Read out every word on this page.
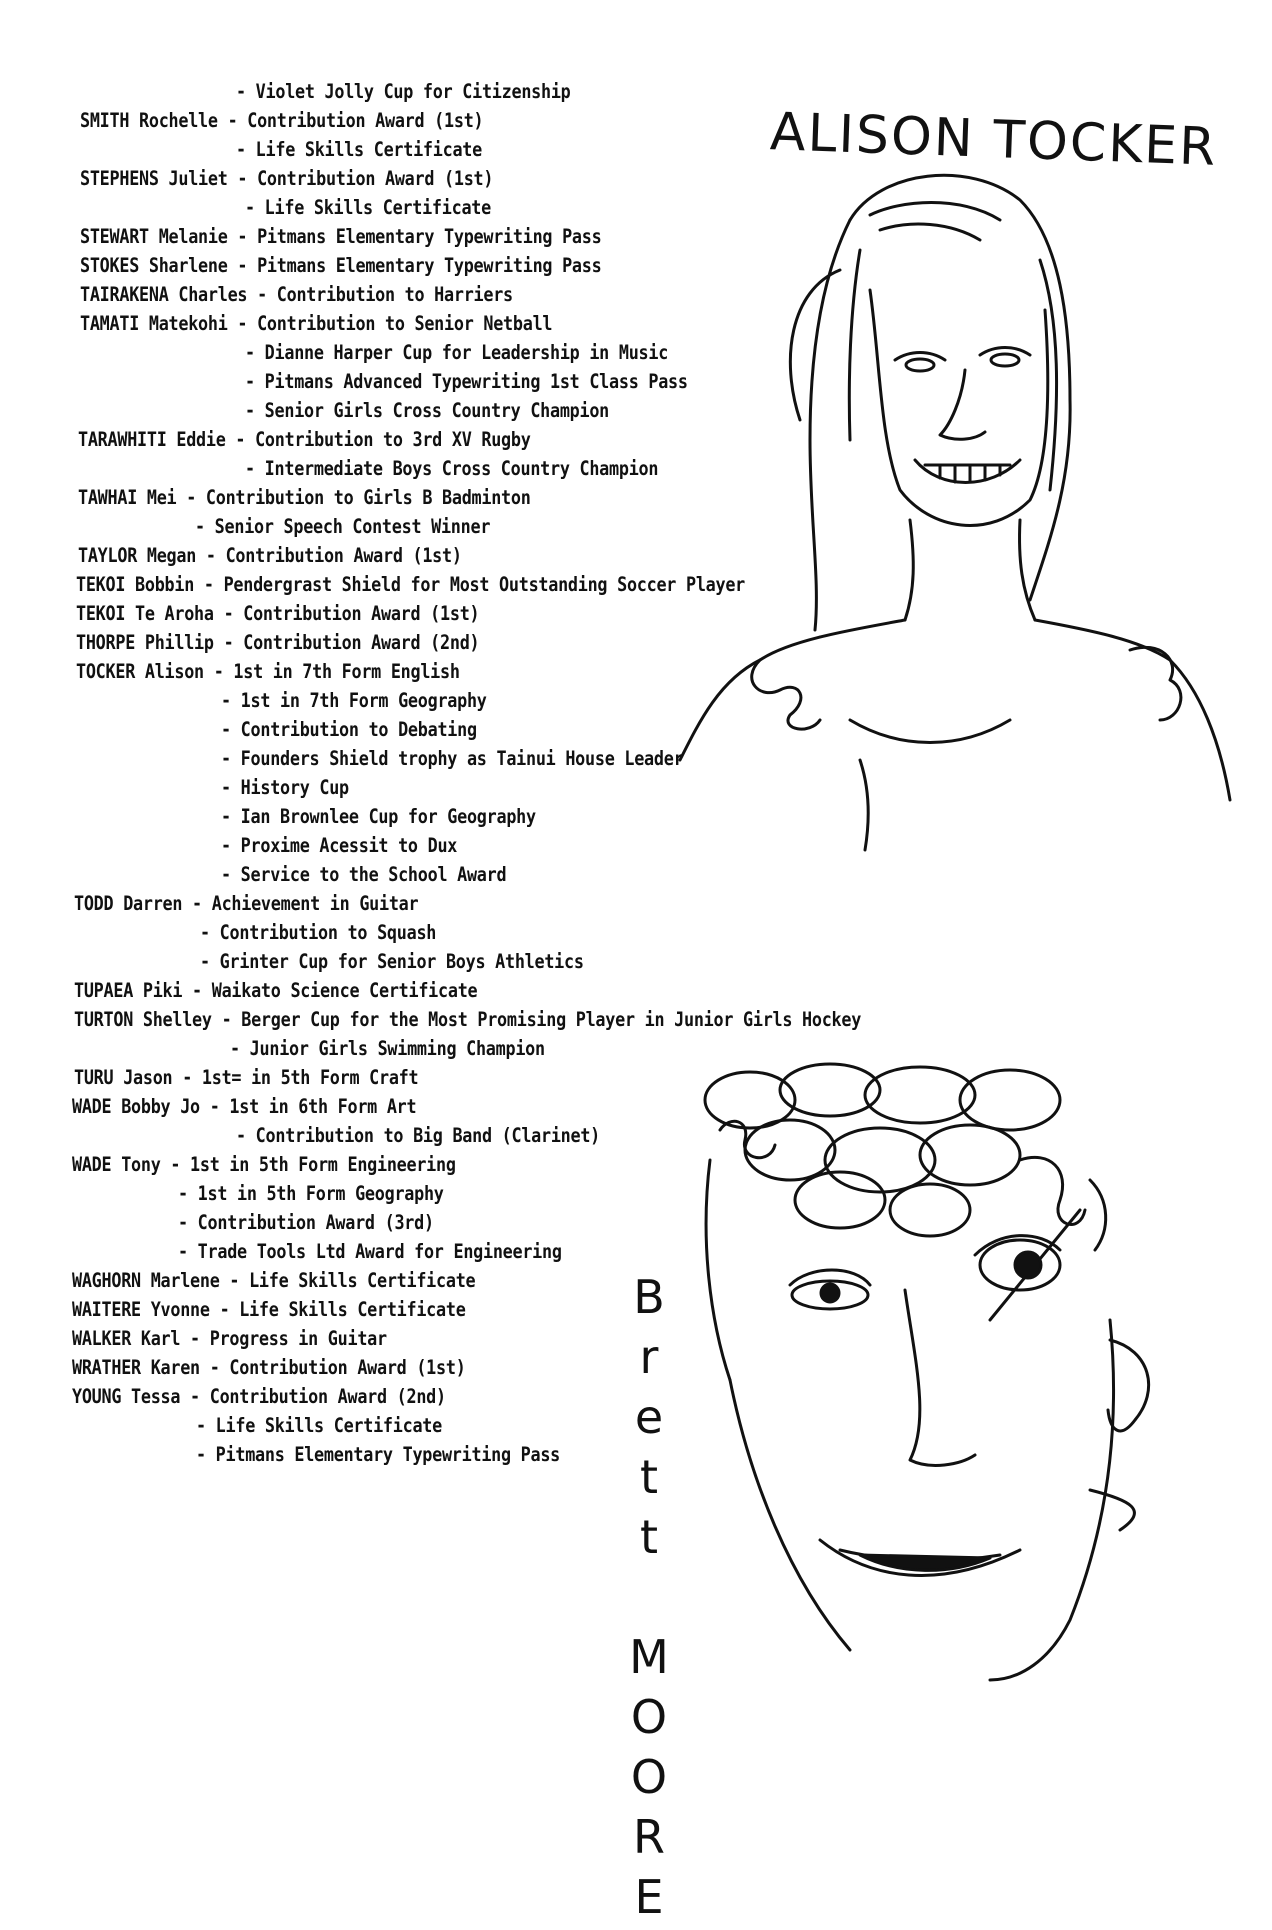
- Violet Jolly Cup for Citizenship
SMITH Rochelle - Contribution Award (1st)
- Life Skills Certificate
STEPHENS Juliet - Contribution Award (1st)
- Life Skills Certificate
STEWART Melanie - Pitmans Elementary Typewriting Pass
STOKES Sharlene - Pitmans Elementary Typewriting Pass
TAIRAKENA Charles - Contribution to Harriers
TAMATI Matekohi - Contribution to Senior Netball
- Dianne Harper Cup for Leadership in Music
- Pitmans Advanced Typewriting 1st Class Pass
- Senior Girls Cross Country Champion
TARAWHITI Eddie - Contribution to 3rd XV Rugby
- Intermediate Boys Cross Country Champion
TAWHAI Mei - Contribution to Girls B Badminton
- Senior Speech Contest Winner
TAYLOR Megan - Contribution Award (1st)
TEKOI Bobbin - Pendergrast Shield for Most Outstanding Soccer Player
TEKOI Te Aroha - Contribution Award (1st)
THORPE Phillip - Contribution Award (2nd)
TOCKER Alison - 1st in 7th Form English
- 1st in 7th Form Geography
- Contribution to Debating
- Founders Shield trophy as Tainui House Leader
- History Cup
- Ian Brownlee Cup for Geography
- Proxime Acessit to Dux
- Service to the School Award
TODD Darren - Achievement in Guitar
- Contribution to Squash
- Grinter Cup for Senior Boys Athletics
TUPAEA Piki - Waikato Science Certificate
TURTON Shelley - Berger Cup for the Most Promising Player in Junior Girls Hockey
- Junior Girls Swimming Champion
TURU Jason - 1st= in 5th Form Craft
WADE Bobby Jo - 1st in 6th Form Art
- Contribution to Big Band (Clarinet)
WADE Tony - 1st in 5th Form Engineering
- 1st in 5th Form Geography
- Contribution Award (3rd)
- Trade Tools Ltd Award for Engineering
WAGHORN Marlene - Life Skills Certificate
WAITERE Yvonne - Life Skills Certificate
WALKER Karl - Progress in Guitar
WRATHER Karen - Contribution Award (1st)
YOUNG Tessa - Contribution Award (2nd)
- Life Skills Certificate
- Pitmans Elementary Typewriting Pass
ALISON TOCKER
Brett MOORE
